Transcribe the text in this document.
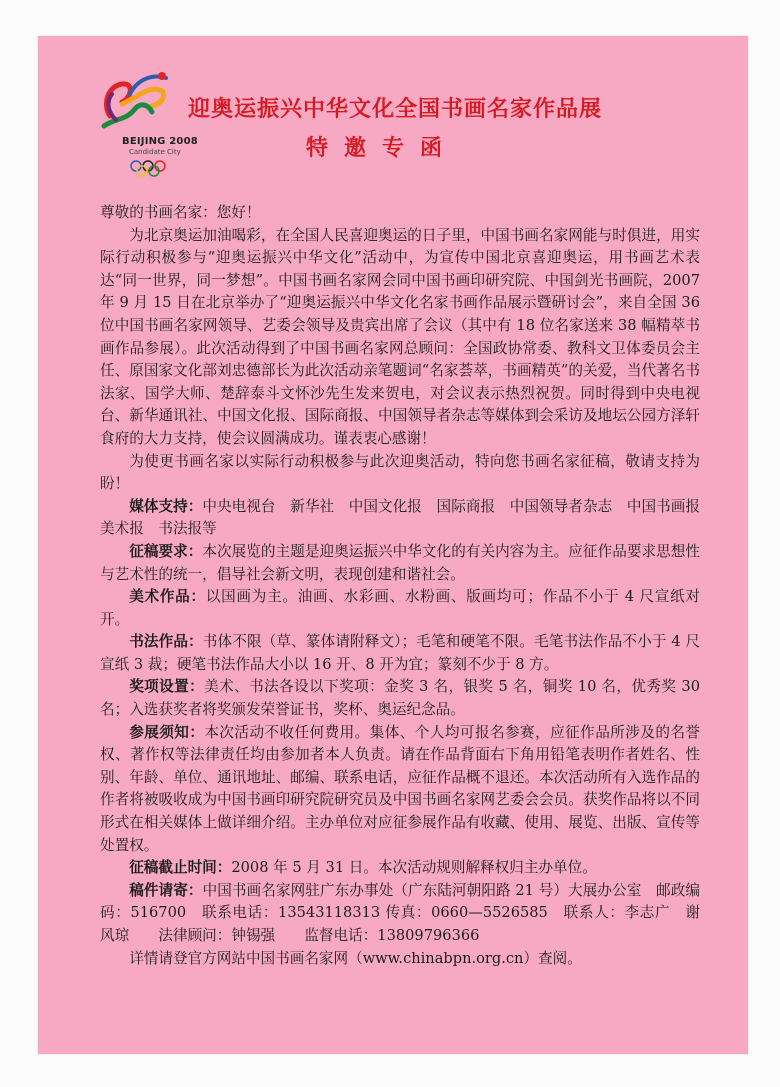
BEIJING 2008
Candidate City
迎奥运振兴中华文化全国书画名家作品展
特邀专函

尊敬的书画名家：您好！

为北京奥运加油喝彩，在全国人民喜迎奥运的日子里，中国书画名家网能与时俱进，用实际行动积极参与“迎奥运振兴中华文化”活动中，为宣传中国北京喜迎奥运，用书画艺术表达“同一世界，同一梦想”。中国书画名家网会同中国书画印研究院、中国剑光书画院，2007 年 9 月 15 日在北京举办了“迎奥运振兴中华文化名家书画作品展示暨研讨会”，来自全国 36 位中国书画名家网领导、艺委会领导及贵宾出席了会议（其中有 18 位名家送来 38 幅精萃书画作品参展）。此次活动得到了中国书画名家网总顾问：全国政协常委、教科文卫体委员会主任、原国家文化部刘忠德部长为此次活动亲笔题词“名家荟萃，书画精英”的关爱，当代著名书法家、国学大师、楚辞泰斗文怀沙先生发来贺电，对会议表示热烈祝贺。同时得到中央电视台、新华通讯社、中国文化报、国际商报、中国领导者杂志等媒体到会采访及地坛公园方泽轩食府的大力支持，使会议圆满成功。谨表衷心感谢！

为使更书画名家以实际行动积极参与此次迎奥活动，特向您书画名家征稿，敬请支持为盼！

媒体支持：中央电视台　新华社　中国文化报　国际商报　中国领导者杂志　中国书画报　美术报　书法报等

征稿要求：本次展览的主题是迎奥运振兴中华文化的有关内容为主。应征作品要求思想性与艺术性的统一，倡导社会新文明，表现创建和谐社会。

美术作品：以国画为主。油画、水彩画、水粉画、版画均可；作品不小于 4 尺宣纸对开。

书法作品：书体不限（草、篆体请附释文）；毛笔和硬笔不限。毛笔书法作品不小于 4 尺宣纸 3 裁；硬笔书法作品大小以 16 开、8 开为宜；篆刻不少于 8 方。

奖项设置：美术、书法各设以下奖项：金奖 3 名，银奖 5 名，铜奖 10 名，优秀奖 30 名；入选获奖者将奖颁发荣誉证书，奖杯、奥运纪念品。

参展须知：本次活动不收任何费用。集体、个人均可报名参赛，应征作品所涉及的名誉权、著作权等法律责任均由参加者本人负责。请在作品背面右下角用铅笔表明作者姓名、性别、年龄、单位、通讯地址、邮编、联系电话，应征作品概不退还。本次活动所有入选作品的作者将被吸收成为中国书画印研究院研究员及中国书画名家网艺委会会员。获奖作品将以不同形式在相关媒体上做详细介绍。主办单位对应征参展作品有收藏、使用、展览、出版、宣传等处置权。

征稿截止时间：2008 年 5 月 31 日。本次活动规则解释权归主办单位。

稿件请寄：中国书画名家网驻广东办事处（广东陆河朝阳路 21 号）大展办公室　邮政编码：516700　联系电话：13543118313 传真：0660—5526585　联系人：李志广　谢风琼　　法律顾问：钟锡强　　监督电话：13809796366

详情请登官方网站中国书画名家网（www.chinabpn.org.cn）查阅。
